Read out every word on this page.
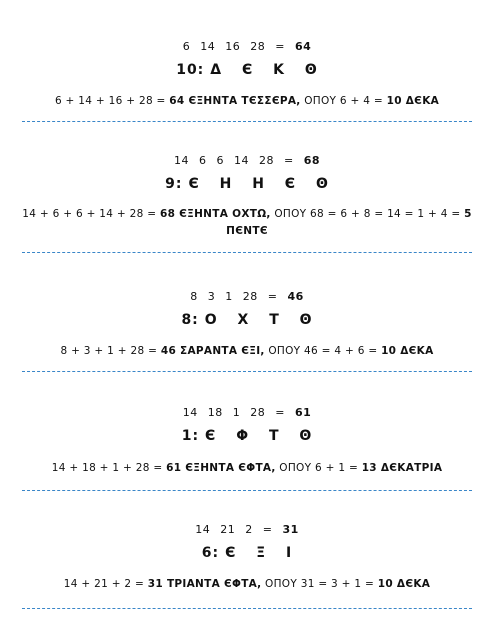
6 14 16 28 = 64
10: Δ Є Κ Ꙩ
6 + 14 + 16 + 28 = 64 ЄΞΗΝΤΑ ΤЄΣΣЄΡΑ, ΟΠΟΥ 6 + 4 = 10 ΔЄΚΑ
14 6 6 14 28 = 68
9: Є Η Η Є Ꙩ
14 + 6 + 6 + 14 + 28 = 68 ЄΞΗΝΤΑ ΟΧΤΩ, ΟΠΟΥ 68 = 6 + 8 = 14 = 1 + 4 = 5 ΠЄΝΤЄ
8 3 1 28 = 46
8: Ο Χ Τ Ꙩ
8 + 3 + 1 + 28 = 46 ΣΑΡΑΝΤΑ ЄΞΙ, ΟΠΟΥ 46 = 4 + 6 = 10 ΔЄΚΑ
14 18 1 28 = 61
1: Є Φ Τ Ꙩ
14 + 18 + 1 + 28 = 61 ЄΞΗΝΤΑ ЄΦΤΑ, ΟΠΟΥ 6 + 1 = 13 ΔЄΚΑΤΡΙΑ
14 21 2 = 31
6: Є Ξ Ι
14 + 21 + 2 = 31 ΤΡΙΑΝΤΑ ЄΦΤΑ, ΟΠΟΥ 31 = 3 + 1 = 10 ΔЄΚΑ
